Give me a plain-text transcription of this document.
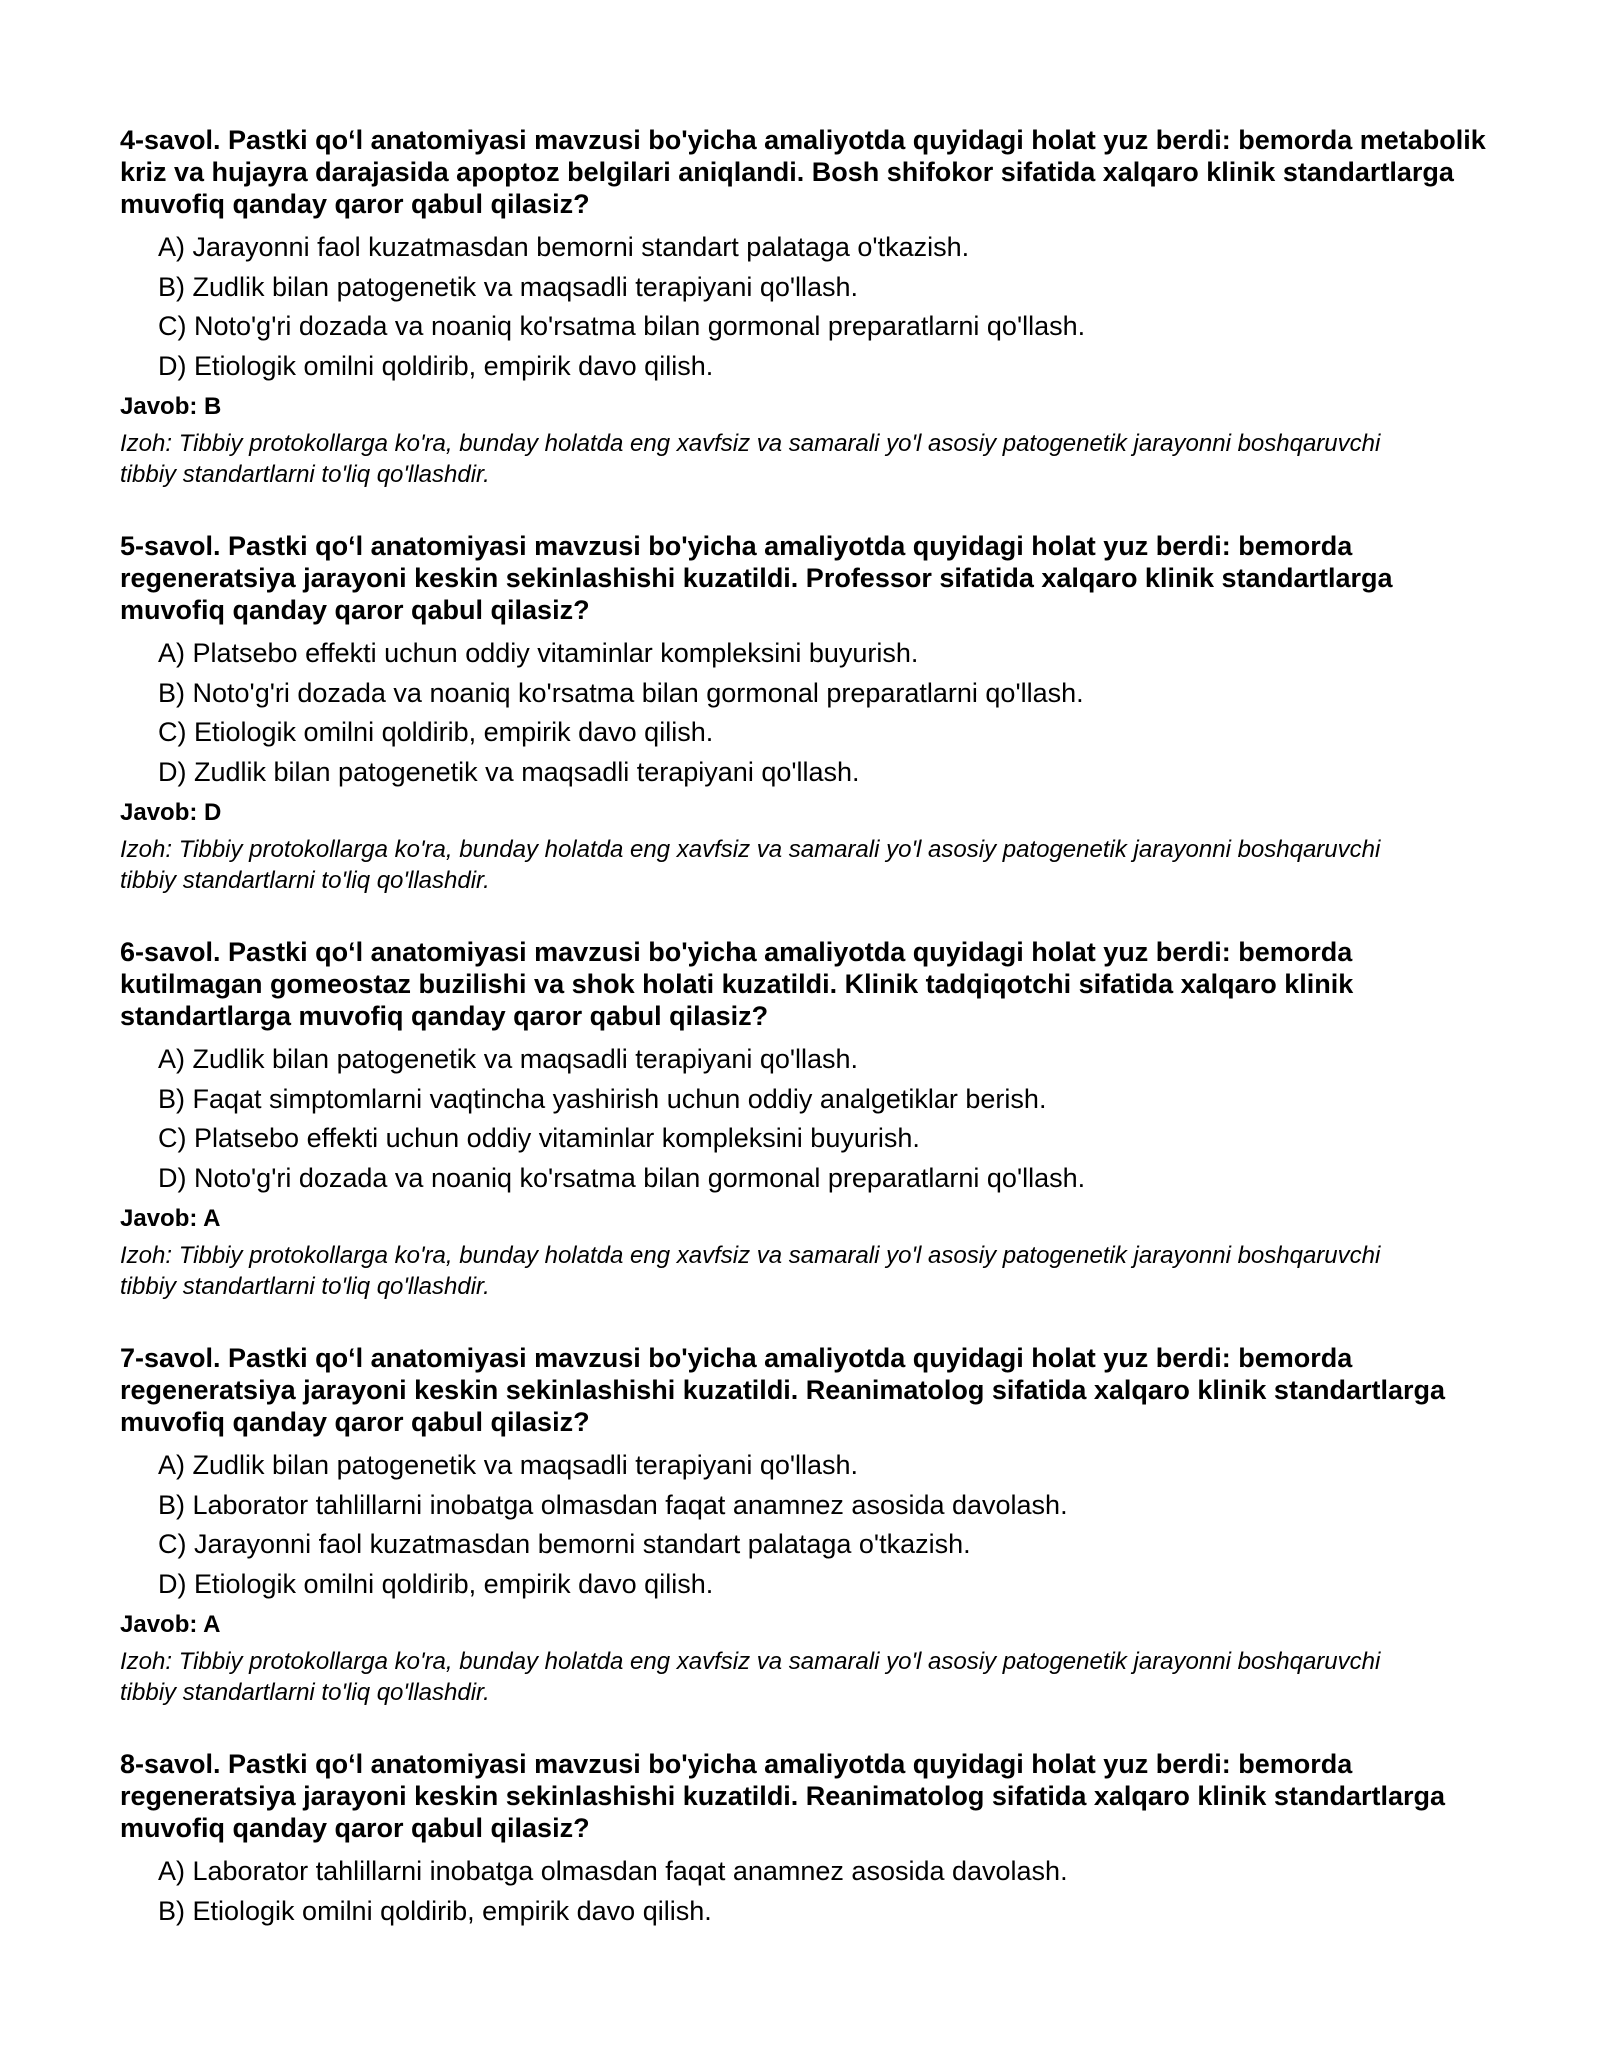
4-savol. Pastki qo‘l anatomiyasi mavzusi bo'yicha amaliyotda quyidagi holat yuz berdi: bemorda metabolik kriz va hujayra darajasida apoptoz belgilari aniqlandi. Bosh shifokor sifatida xalqaro klinik standartlarga muvofiq qanday qaror qabul qilasiz?

A) Jarayonni faol kuzatmasdan bemorni standart palataga o'tkazish.
B) Zudlik bilan patogenetik va maqsadli terapiyani qo'llash.
C) Noto'g'ri dozada va noaniq ko'rsatma bilan gormonal preparatlarni qo'llash.
D) Etiologik omilni qoldirib, empirik davo qilish.

Javob: B

Izoh: Tibbiy protokollarga ko'ra, bunday holatda eng xavfsiz va samarali yo'l asosiy patogenetik jarayonni boshqaruvchi tibbiy standartlarni to'liq qo'llashdir.

5-savol. Pastki qo‘l anatomiyasi mavzusi bo'yicha amaliyotda quyidagi holat yuz berdi: bemorda regeneratsiya jarayoni keskin sekinlashishi kuzatildi. Professor sifatida xalqaro klinik standartlarga muvofiq qanday qaror qabul qilasiz?

A) Platsebo effekti uchun oddiy vitaminlar kompleksini buyurish.
B) Noto'g'ri dozada va noaniq ko'rsatma bilan gormonal preparatlarni qo'llash.
C) Etiologik omilni qoldirib, empirik davo qilish.
D) Zudlik bilan patogenetik va maqsadli terapiyani qo'llash.

Javob: D

Izoh: Tibbiy protokollarga ko'ra, bunday holatda eng xavfsiz va samarali yo'l asosiy patogenetik jarayonni boshqaruvchi tibbiy standartlarni to'liq qo'llashdir.

6-savol. Pastki qo‘l anatomiyasi mavzusi bo'yicha amaliyotda quyidagi holat yuz berdi: bemorda kutilmagan gomeostaz buzilishi va shok holati kuzatildi. Klinik tadqiqotchi sifatida xalqaro klinik standartlarga muvofiq qanday qaror qabul qilasiz?

A) Zudlik bilan patogenetik va maqsadli terapiyani qo'llash.
B) Faqat simptomlarni vaqtincha yashirish uchun oddiy analgetiklar berish.
C) Platsebo effekti uchun oddiy vitaminlar kompleksini buyurish.
D) Noto'g'ri dozada va noaniq ko'rsatma bilan gormonal preparatlarni qo'llash.

Javob: A

Izoh: Tibbiy protokollarga ko'ra, bunday holatda eng xavfsiz va samarali yo'l asosiy patogenetik jarayonni boshqaruvchi tibbiy standartlarni to'liq qo'llashdir.

7-savol. Pastki qo‘l anatomiyasi mavzusi bo'yicha amaliyotda quyidagi holat yuz berdi: bemorda regeneratsiya jarayoni keskin sekinlashishi kuzatildi. Reanimatolog sifatida xalqaro klinik standartlarga muvofiq qanday qaror qabul qilasiz?

A) Zudlik bilan patogenetik va maqsadli terapiyani qo'llash.
B) Laborator tahlillarni inobatga olmasdan faqat anamnez asosida davolash.
C) Jarayonni faol kuzatmasdan bemorni standart palataga o'tkazish.
D) Etiologik omilni qoldirib, empirik davo qilish.

Javob: A

Izoh: Tibbiy protokollarga ko'ra, bunday holatda eng xavfsiz va samarali yo'l asosiy patogenetik jarayonni boshqaruvchi tibbiy standartlarni to'liq qo'llashdir.

8-savol. Pastki qo‘l anatomiyasi mavzusi bo'yicha amaliyotda quyidagi holat yuz berdi: bemorda regeneratsiya jarayoni keskin sekinlashishi kuzatildi. Reanimatolog sifatida xalqaro klinik standartlarga muvofiq qanday qaror qabul qilasiz?

A) Laborator tahlillarni inobatga olmasdan faqat anamnez asosida davolash.
B) Etiologik omilni qoldirib, empirik davo qilish.
